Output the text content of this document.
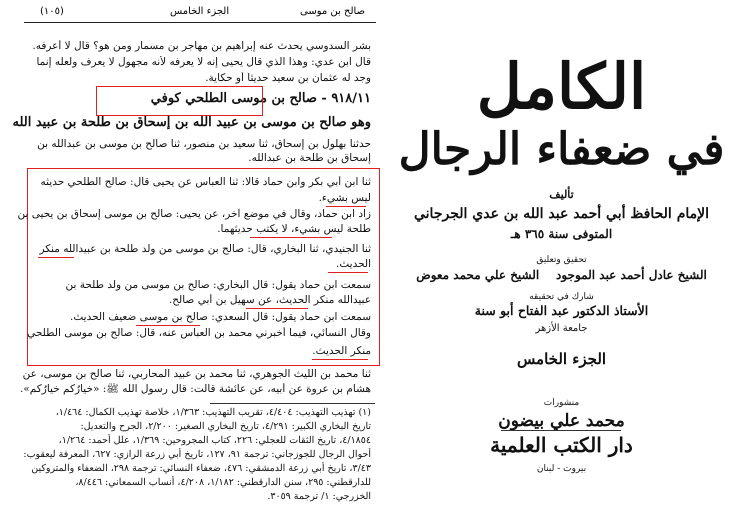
(١٠٥)	الجزء الخامس	صالح بن موسى
بشر السدوسي يحدث عنه إبراهيم بن مهاجر بن مسمار ومن هو؟ قال لا أعرفه.
قال ابن عدي: وهذا الذي قال يحيى إنه لا يعرفه لأنه مجهول لا يعرف ولعله إنما
وجد له عثمان بن سعيد حديثاً أو حكاية.
٩١٨/١١ - صالح بن موسى الطلحي كوفي
وهو صالح بن موسى بن عبيد الله بن إسحاق بن طلحة بن عبيد الله
حدثنا بهلول بن إسحاق، ثنا سعيد بن منصور، ثنا صالح بن موسى بن عبدالله بن
إسحاق بن طلحة بن عبدالله.
ثنا ابن أبي بكر وابن حماد قالا: ثنا العباس عن يحيى قال: صالح الطلحي حديثه
ليس بشيء.
زاد ابن حماد، وقال في موضع آخر، عن يحيى: صالح بن موسى إسحاق بن يحيى بن
طلحة ليس بشيء، لا يكتب حديثهما.
ثنا الجنيدي، ثنا البخاري، قال: صالح بن موسى من ولد طلحة بن عبيدالله منكر
الحديث.
سمعت ابن حماد يقول: قال البخاري: صالح بن موسى من ولد طلحة بن
عبيدالله منكر الحديث، عن سهيل بن أبي صالح.
سمعت ابن حماد يقول: قال السعدي: صالح بن موسى ضعيف الحديث.
وقال النسائي، فيما أخبرني محمد بن العباس عنه، قال: صالح بن موسى الطلحي
منكر الحديث.
ثنا محمد بن الليث الجوهري، ثنا محمد بن عبيد المحاربي، ثنا صالح بن موسى، عن
هشام بن عروة عن أبيه، عن عائشة قالت: قال رسول الله ﷺ: «خيارُكم خيارُكم».
(١) تهذيب التهذيب: ٤/٤٠٤، تقريب التهذيب: ١/٣٦٣، خلاصة تهذيب الكمال: ١/٤٦٤،
تاريخ البخاري الكبير: ٤/٢٩١، تاريخ البخاري الصغير: ٢/٢٠٠، الجرح والتعديل:
٤/١٨٥٤، تاريخ الثقات للعجلي: ٢٢٦، كتاب المجروحين: ١/٣٦٩، علل أحمد: ١/٢٦٤،
أحوال الرجال للجوزجاني: ترجمة ٩١، ١٢٧، تاريخ أبي زرعة الرازي: ٦٢٧، المعرفة ليعقوب:
٣/٤٣، تاريخ أبي زرعة الدمشقي: ٤٧٦، ضعفاء النسائي: ترجمة ٢٩٨، الضعفاء والمتروكين
للدارقطني: ٢٩٥، سنن الدارقطني: ١/١٨٢، ٤/٢٠٨، أنساب السمعاني: ٨/٤٤٦،
الخزرجي: ١/ ترجمة ٣٠٥٩.
الكامل
في ضعفاء الرجال
تأليف
الإمام الحافظ أبي أحمد عبد الله بن عدي الجرجاني
المتوفى سنة ٣٦٥ هـ
تحقيق وتعليق
الشيخ عادل أحمد عبد الموجود    الشيخ علي محمد معوض
شارك في تحقيقه
الأستاذ الدكتور عبد الفتاح أبو سنة
جامعة الأزهر
الجزء الخامس
منشورات
محمد علي بيضون
دار الكتب العلمية
بيروت - لبنان
